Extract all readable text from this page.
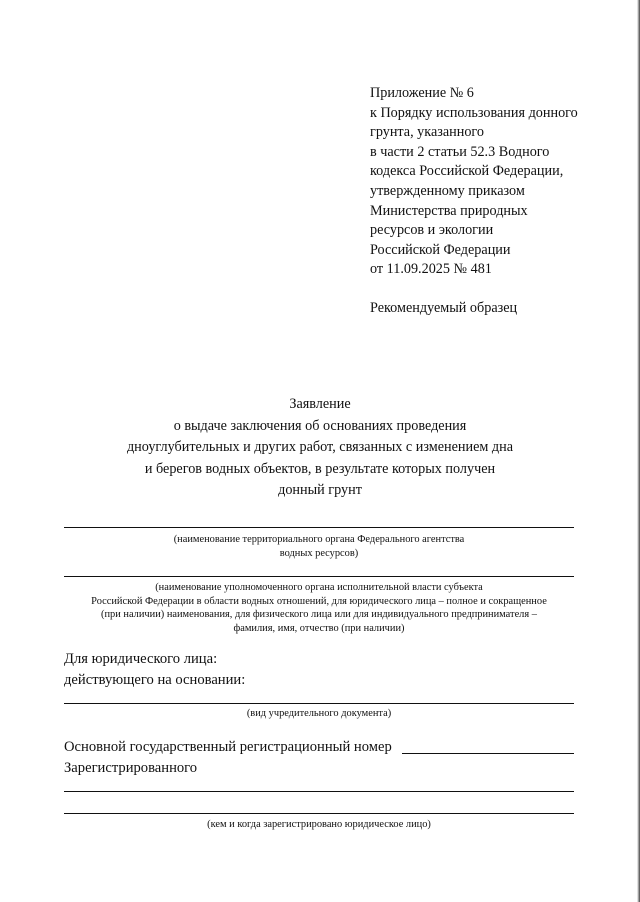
Приложение № 6
к Порядку использования донного
грунта, указанного
в части 2 статьи 52.3 Водного
кодекса Российской Федерации,
утвержденному приказом
Министерства природных
ресурсов и экологии
Российской Федерации
от 11.09.2025 № 481
Рекомендуемый образец
Заявление
о выдаче заключения об основаниях проведения
дноуглубительных и других работ, связанных с изменением дна
и берегов водных объектов, в результате которых получен
донный грунт
(наименование территориального органа Федерального агентства
водных ресурсов)
(наименование уполномоченного органа исполнительной власти субъекта
Российской Федерации в области водных отношений, для юридического лица – полное и сокращенное
(при наличии) наименования, для физического лица или для индивидуального предпринимателя –
фамилия, имя, отчество (при наличии)
Для юридического лица:
действующего на основании:
(вид учредительного документа)
Основной государственный регистрационный номер
Зарегистрированного
(кем и когда зарегистрировано юридическое лицо)
